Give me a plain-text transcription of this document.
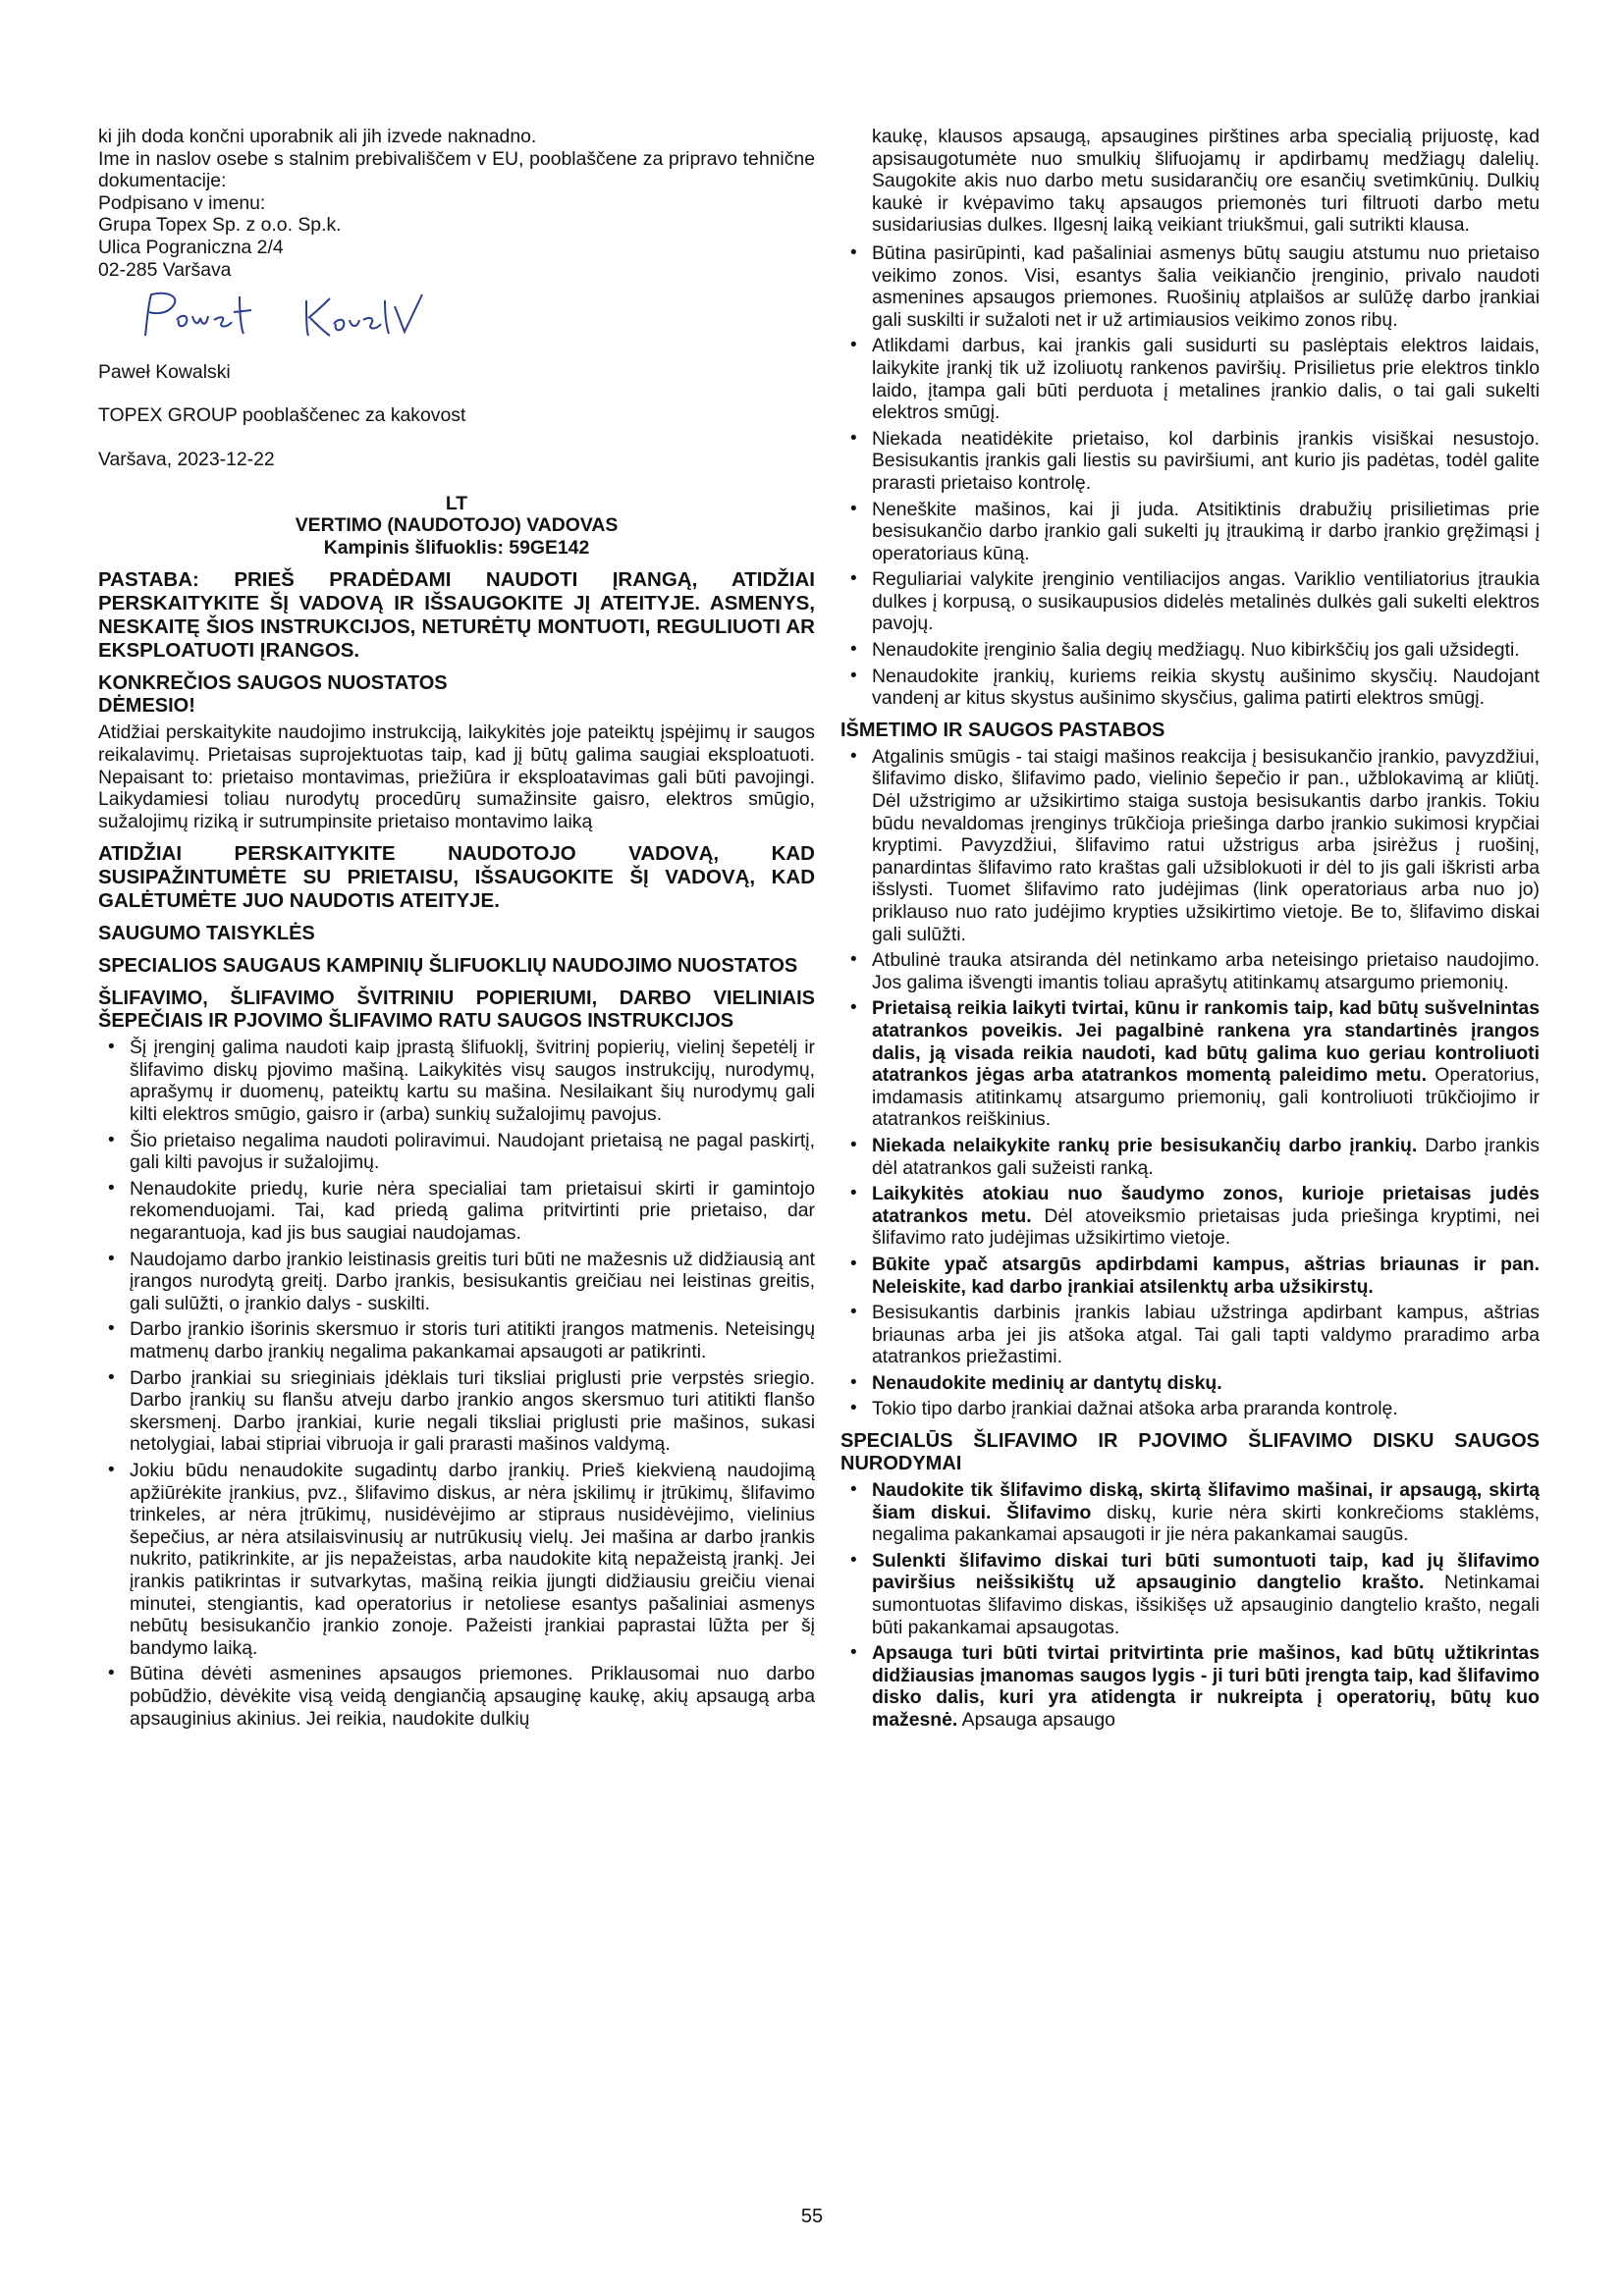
ki jih doda končni uporabnik ali jih izvede naknadno.

Ime in naslov osebe s stalnim prebivališčem v EU, pooblaščene za pripravo tehnične dokumentacije:

Podpisano v imenu:

Grupa Topex Sp. z o.o. Sp.k.

Ulica Pograniczna 2/4

02-285 Varšava

Paweł Kowalski

TOPEX GROUP pooblaščenec za kakovost

Varšava, 2023-12-22

LT

VERTIMO (NAUDOTOJO) VADOVAS

Kampinis šlifuoklis: 59GE142

PASTABA: PRIEŠ PRADĖDAMI NAUDOTI ĮRANGĄ, ATIDŽIAI PERSKAITYKITE ŠĮ VADOVĄ IR IŠSAUGOKITE JĮ ATEITYJE. ASMENYS, NESKAITĘ ŠIOS INSTRUKCIJOS, NETURĖTŲ MONTUOTI, REGULIUOTI AR EKSPLOATUOTI ĮRANGOS.

KONKREČIOS SAUGOS NUOSTATOS

DĖMESIO!

Atidžiai perskaitykite naudojimo instrukciją, laikykitės joje pateiktų įspėjimų ir saugos reikalavimų. Prietaisas suprojektuotas taip, kad jį būtų galima saugiai eksploatuoti. Nepaisant to: prietaiso montavimas, priežiūra ir eksploatavimas gali būti pavojingi. Laikydamiesi toliau nurodytų procedūrų sumažinsite gaisro, elektros smūgio, sužalojimų riziką ir sutrumpinsite prietaiso montavimo laiką

ATIDŽIAI PERSKAITYKITE NAUDOTOJO VADOVĄ, KAD SUSIPAŽINTUMĖTE SU PRIETAISU, IŠSAUGOKITE ŠĮ VADOVĄ, KAD GALĖTUMĖTE JUO NAUDOTIS ATEITYJE.

SAUGUMO TAISYKLĖS

SPECIALIOS SAUGAUS KAMPINIŲ ŠLIFUOKLIŲ NAUDOJIMO NUOSTATOS

ŠLIFAVIMO, ŠLIFAVIMO ŠVITRINIU POPIERIUMI, DARBO VIELINIAIS ŠEPEČIAIS IR PJOVIMO ŠLIFAVIMO RATU SAUGOS INSTRUKCIJOS

• Šį įrenginį galima naudoti kaip įprastą šlifuoklį, švitrinį popierių, vielinį šepetėlį ir šlifavimo diskų pjovimo mašiną. Laikykitės visų saugos instrukcijų, nurodymų, aprašymų ir duomenų, pateiktų kartu su mašina. Nesilaikant šių nurodymų gali kilti elektros smūgio, gaisro ir (arba) sunkių sužalojimų pavojus.
• Šio prietaiso negalima naudoti poliravimui. Naudojant prietaisą ne pagal paskirtį, gali kilti pavojus ir sužalojimų.
• Nenaudokite priedų, kurie nėra specialiai tam prietaisui skirti ir gamintojo rekomenduojami. Tai, kad priedą galima pritvirtinti prie prietaiso, dar negarantuoja, kad jis bus saugiai naudojamas.
• Naudojamo darbo įrankio leistinasis greitis turi būti ne mažesnis už didžiausią ant įrangos nurodytą greitį. Darbo įrankis, besisukantis greičiau nei leistinas greitis, gali sulūžti, o įrankio dalys - suskilti.
• Darbo įrankio išorinis skersmuo ir storis turi atitikti įrangos matmenis. Neteisingų matmenų darbo įrankių negalima pakankamai apsaugoti ar patikrinti.
• Darbo įrankiai su srieginiais įdėklais turi tiksliai priglusti prie verpstės sriegio. Darbo įrankių su flanšu atveju darbo įrankio angos skersmuo turi atitikti flanšo skersmenį. Darbo įrankiai, kurie negali tiksliai priglusti prie mašinos, sukasi netolygiai, labai stipriai vibruoja ir gali prarasti mašinos valdymą.
• Jokiu būdu nenaudokite sugadintų darbo įrankių. Prieš kiekvieną naudojimą apžiūrėkite įrankius, pvz., šlifavimo diskus, ar nėra įskilimų ir įtrūkimų, šlifavimo trinkeles, ar nėra įtrūkimų, nusidėvėjimo ar stipraus nusidėvėjimo, vielinius šepečius, ar nėra atsilaisvinusių ar nutrūkusių vielų. Jei mašina ar darbo įrankis nukrito, patikrinkite, ar jis nepažeistas, arba naudokite kitą nepažeistą įrankį. Jei įrankis patikrintas ir sutvarkytas, mašiną reikia įjungti didžiausiu greičiu vienai minutei, stengiantis, kad operatorius ir netoliese esantys pašaliniai asmenys nebūtų besisukančio įrankio zonoje. Pažeisti įrankiai paprastai lūžta per šį bandymo laiką.
• Būtina dėvėti asmenines apsaugos priemones. Priklausomai nuo darbo pobūdžio, dėvėkite visą veidą dengiančią apsauginę kaukę, akių apsaugą arba apsauginius akinius. Jei reikia, naudokite dulkių

kaukę, klausos apsaugą, apsaugines pirštines arba specialią prijuostę, kad apsisaugotumėte nuo smulkių šlifuojamų ir apdirbamų medžiagų dalelių. Saugokite akis nuo darbo metu susidarančių ore esančių svetimkūnių. Dulkių kaukė ir kvėpavimo takų apsaugos priemonės turi filtruoti darbo metu susidariusias dulkes. Ilgesnį laiką veikiant triukšmui, gali sutrikti klausa.

• Būtina pasirūpinti, kad pašaliniai asmenys būtų saugiu atstumu nuo prietaiso veikimo zonos. Visi, esantys šalia veikiančio įrenginio, privalo naudoti asmenines apsaugos priemones. Ruošinių atplaišos ar sulūžę darbo įrankiai gali suskilti ir sužaloti net ir už artimiausios veikimo zonos ribų.
• Atlikdami darbus, kai įrankis gali susidurti su paslėptais elektros laidais, laikykite įrankį tik už izoliuotų rankenos paviršių. Prisilietus prie elektros tinklo laido, įtampa gali būti perduota į metalines įrankio dalis, o tai gali sukelti elektros smūgį.
• Niekada neatidėkite prietaiso, kol darbinis įrankis visiškai nesustojo. Besisukantis įrankis gali liestis su paviršiumi, ant kurio jis padėtas, todėl galite prarasti prietaiso kontrolę.
• Neneškite mašinos, kai ji juda. Atsitiktinis drabužių prisilietimas prie besisukančio darbo įrankio gali sukelti jų įtraukimą ir darbo įrankio gręžimąsi į operatoriaus kūną.
• Reguliariai valykite įrenginio ventiliacijos angas. Variklio ventiliatorius įtraukia dulkes į korpusą, o susikaupusios didelės metalinės dulkės gali sukelti elektros pavojų.
• Nenaudokite įrenginio šalia degių medžiagų. Nuo kibirkščių jos gali užsidegti.
• Nenaudokite įrankių, kuriems reikia skystų aušinimo skysčių. Naudojant vandenį ar kitus skystus aušinimo skysčius, galima patirti elektros smūgį.

IŠMETIMO IR SAUGOS PASTABOS

• Atgalinis smūgis - tai staigi mašinos reakcija į besisukančio įrankio, pavyzdžiui, šlifavimo disko, šlifavimo pado, vielinio šepečio ir pan., užblokavimą ar kliūtį. Dėl užstrigimo ar užsikirtimo staiga sustoja besisukantis darbo įrankis. Tokiu būdu nevaldomas įrenginys trūkčioja priešinga darbo įrankio sukimosi krypčiai kryptimi. Pavyzdžiui, šlifavimo ratui užstrigus arba įsirėžus į ruošinį, panardintas šlifavimo rato kraštas gali užsiblokuoti ir dėl to jis gali iškristi arba išslysti. Tuomet šlifavimo rato judėjimas (link operatoriaus arba nuo jo) priklauso nuo rato judėjimo krypties užsikirtimo vietoje. Be to, šlifavimo diskai gali sulūžti.
• Atbulinė trauka atsiranda dėl netinkamo arba neteisingo prietaiso naudojimo. Jos galima išvengti imantis toliau aprašytų atitinkamų atsargumo priemonių.
• Prietaisą reikia laikyti tvirtai, kūnu ir rankomis taip, kad būtų sušvelnintas atatrankos poveikis. Jei pagalbinė rankena yra standartinės įrangos dalis, ją visada reikia naudoti, kad būtų galima kuo geriau kontroliuoti atatrankos jėgas arba atatrankos momentą paleidimo metu. Operatorius, imdamasis atitinkamų atsargumo priemonių, gali kontroliuoti trūkčiojimo ir atatrankos reiškinius.
• Niekada nelaikykite rankų prie besisukančių darbo įrankių. Darbo įrankis dėl atatrankos gali sužeisti ranką.
• Laikykitės atokiau nuo šaudymo zonos, kurioje prietaisas judės atatrankos metu. Dėl atoveiksmio prietaisas juda priešinga kryptimi, nei šlifavimo rato judėjimas užsikirtimo vietoje.
• Būkite ypač atsargūs apdirbdami kampus, aštrias briaunas ir pan. Neleiskite, kad darbo įrankiai atsilenktų arba užsikirstų.
• Besisukantis darbinis įrankis labiau užstringa apdirbant kampus, aštrias briaunas arba jei jis atšoka atgal. Tai gali tapti valdymo praradimo arba atatrankos priežastimi.
• Nenaudokite medinių ar dantytų diskų.
• Tokio tipo darbo įrankiai dažnai atšoka arba praranda kontrolę.

SPECIALŪS ŠLIFAVIMO IR PJOVIMO ŠLIFAVIMO DISKU SAUGOS NURODYMAI

• Naudokite tik šlifavimo diską, skirtą šlifavimo mašinai, ir apsaugą, skirtą šiam diskui. Šlifavimo diskų, kurie nėra skirti konkrečioms staklėms, negalima pakankamai apsaugoti ir jie nėra pakankamai saugūs.
• Sulenkti šlifavimo diskai turi būti sumontuoti taip, kad jų šlifavimo paviršius neišsikištų už apsauginio dangtelio krašto. Netinkamai sumontuotas šlifavimo diskas, išsikišęs už apsauginio dangtelio krašto, negali būti pakankamai apsaugotas.
• Apsauga turi būti tvirtai pritvirtinta prie mašinos, kad būtų užtikrintas didžiausias įmanomas saugos lygis - ji turi būti įrengta taip, kad šlifavimo disko dalis, kuri yra atidengta ir nukreipta į operatorių, būtų kuo mažesnė. Apsauga apsaugo
55
